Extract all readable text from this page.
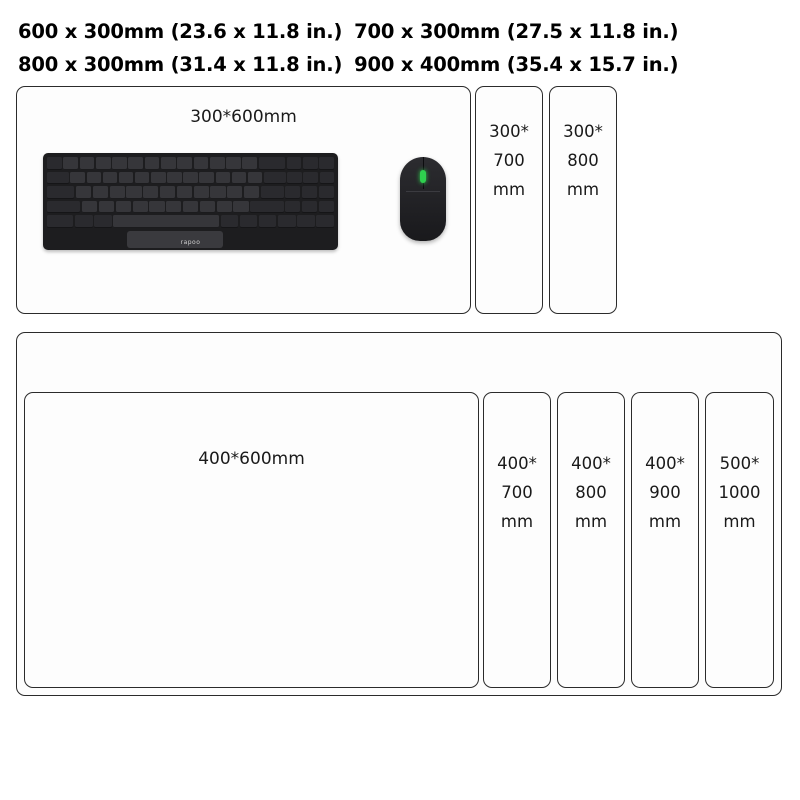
600 x 300mm (23.6 x 11.8 in.) 700 x 300mm (27.5 x 11.8 in.)
800 x 300mm (31.4 x 11.8 in.) 900 x 400mm (35.4 x 15.7 in.)
300*600mm
rapoo
300*
700
mm
300*
800
mm
400*600mm	400*
700
mm
400*
800
mm
400*
900
mm
500*
1000
mm
